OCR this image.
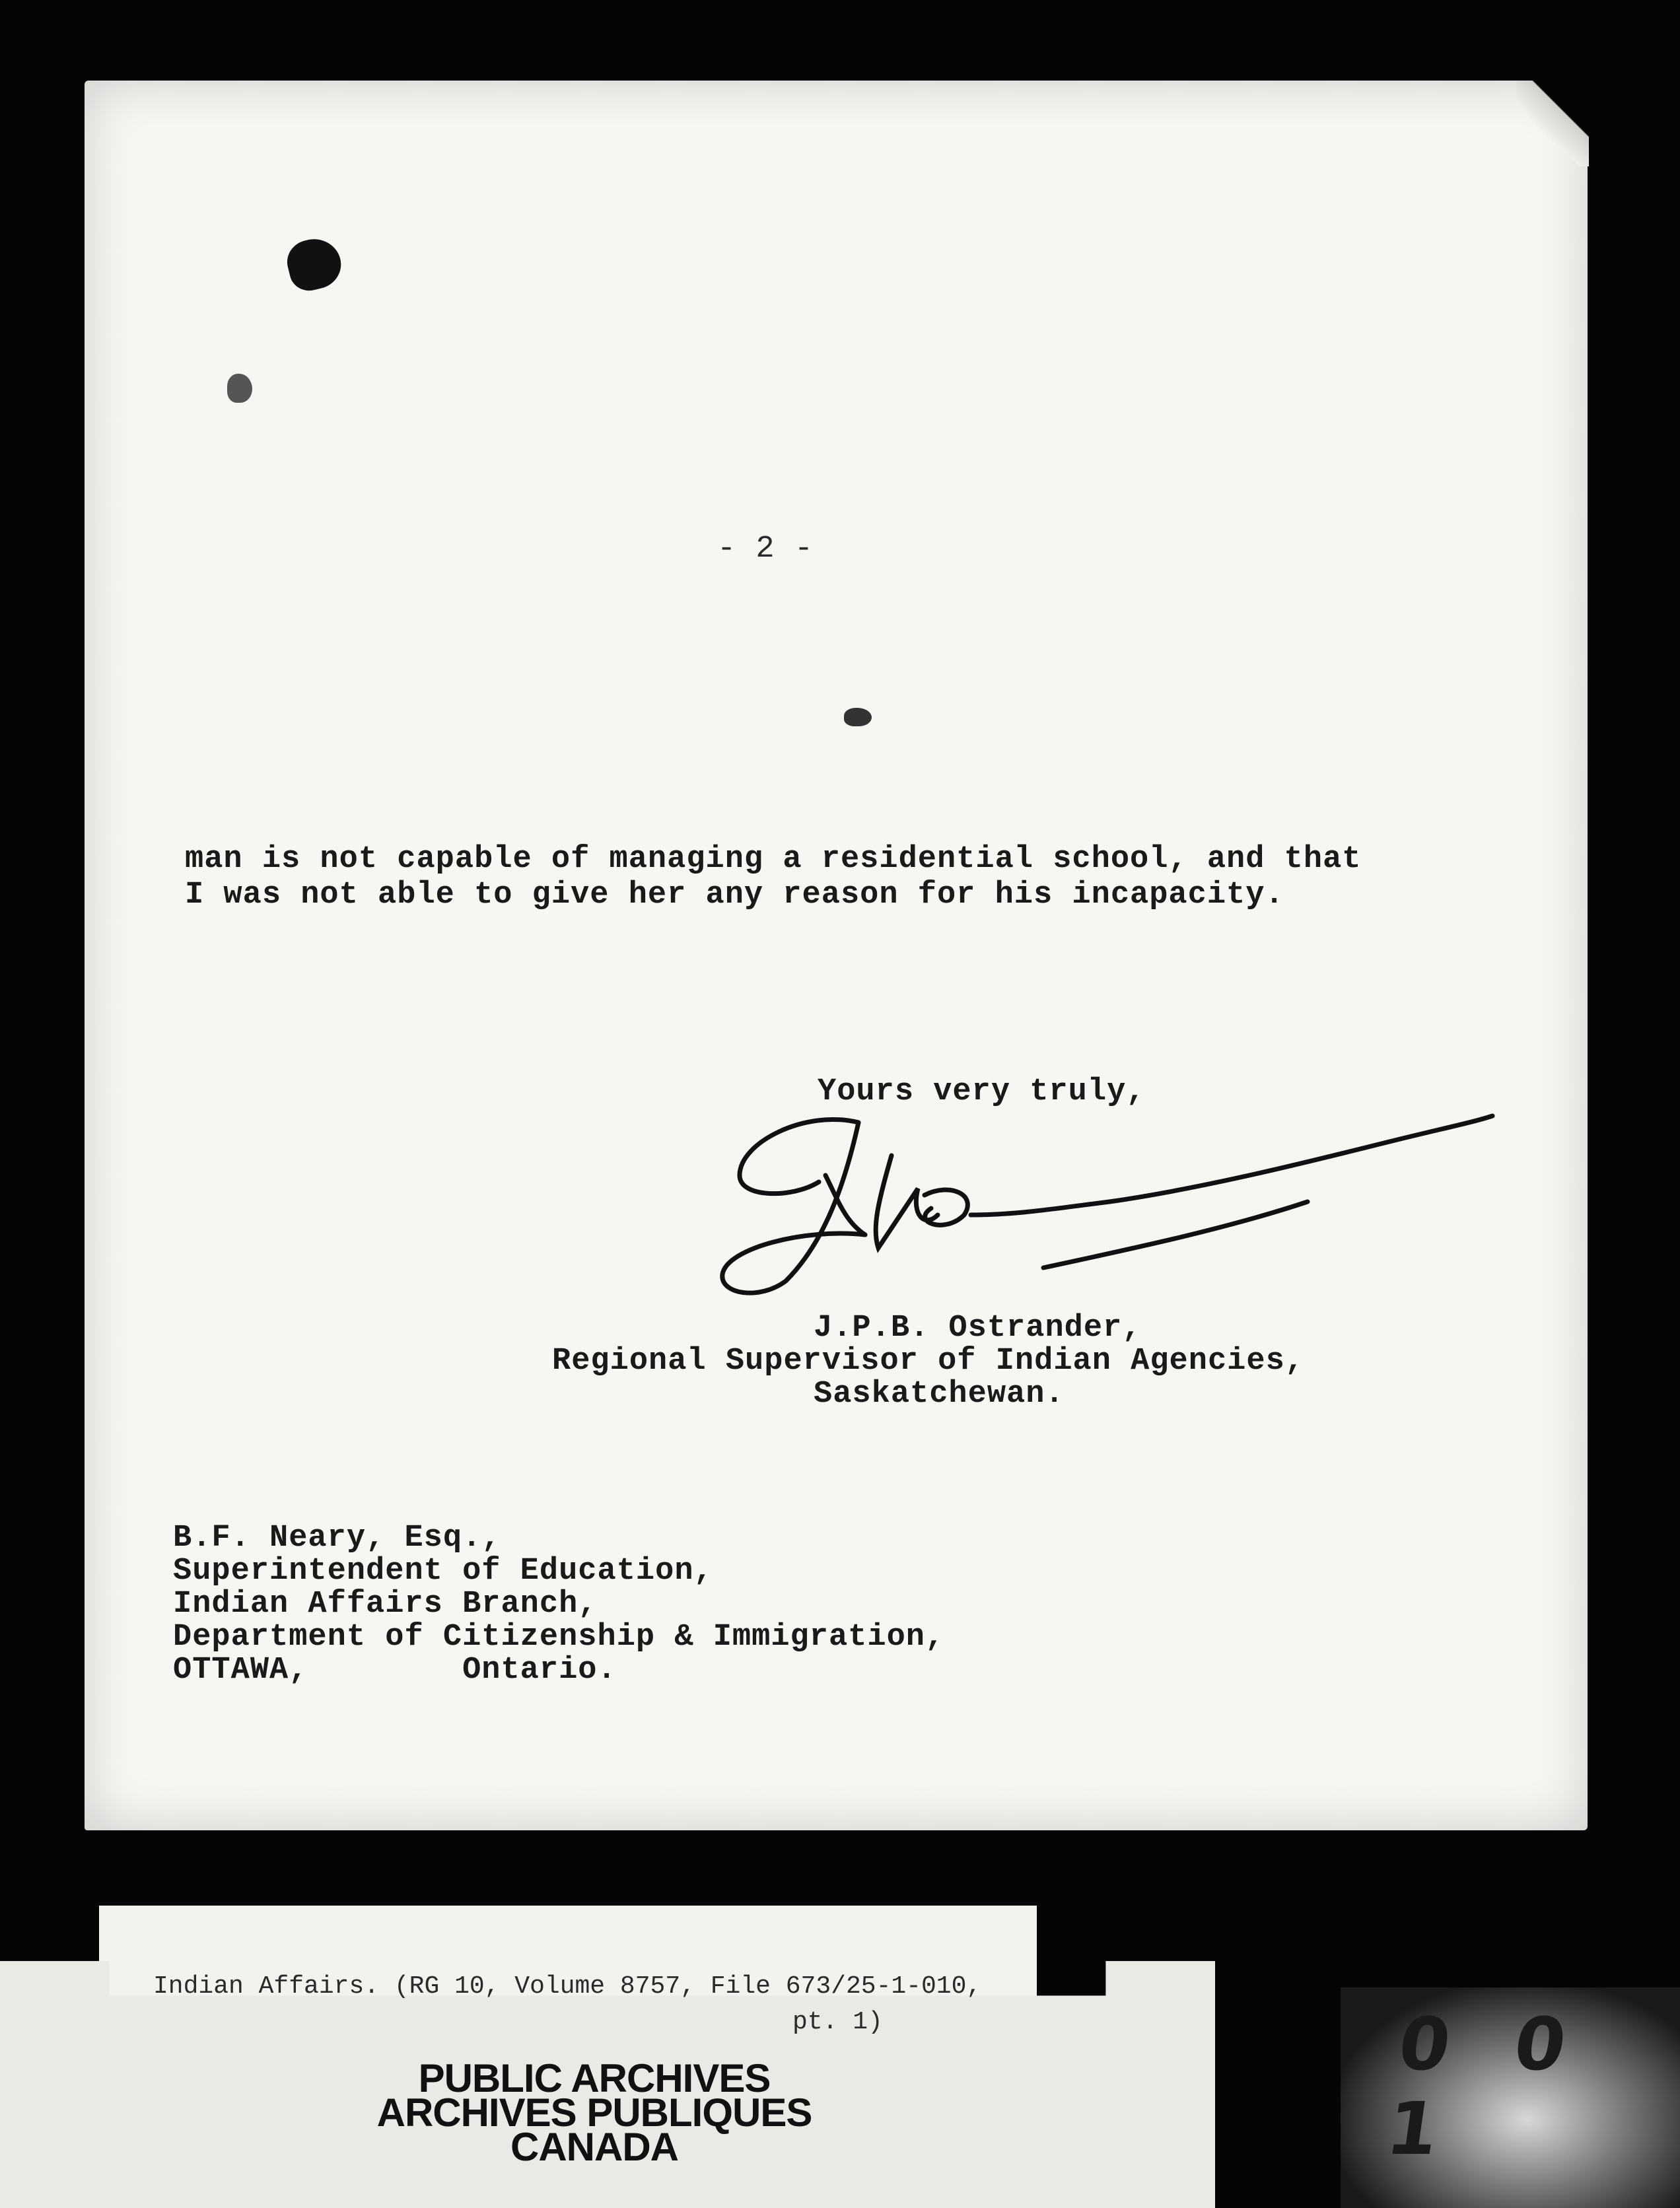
- 2 -
man is not capable of managing a residential school, and that
I was not able to give her any reason for his incapacity.
Yours very truly,
J.P.B. Ostrander,
Regional Supervisor of Indian Agencies,
Saskatchewan.
B.F. Neary, Esq.,
Superintendent of Education,
Indian Affairs Branch,
Department of Citizenship & Immigration,
OTTAWA,        Ontario.
Indian Affairs. (RG 10, Volume 8757, File 673/25-1-010,
pt. 1)
PUBLIC ARCHIVES
ARCHIVES PUBLIQUES
CANADA
0 0 1
